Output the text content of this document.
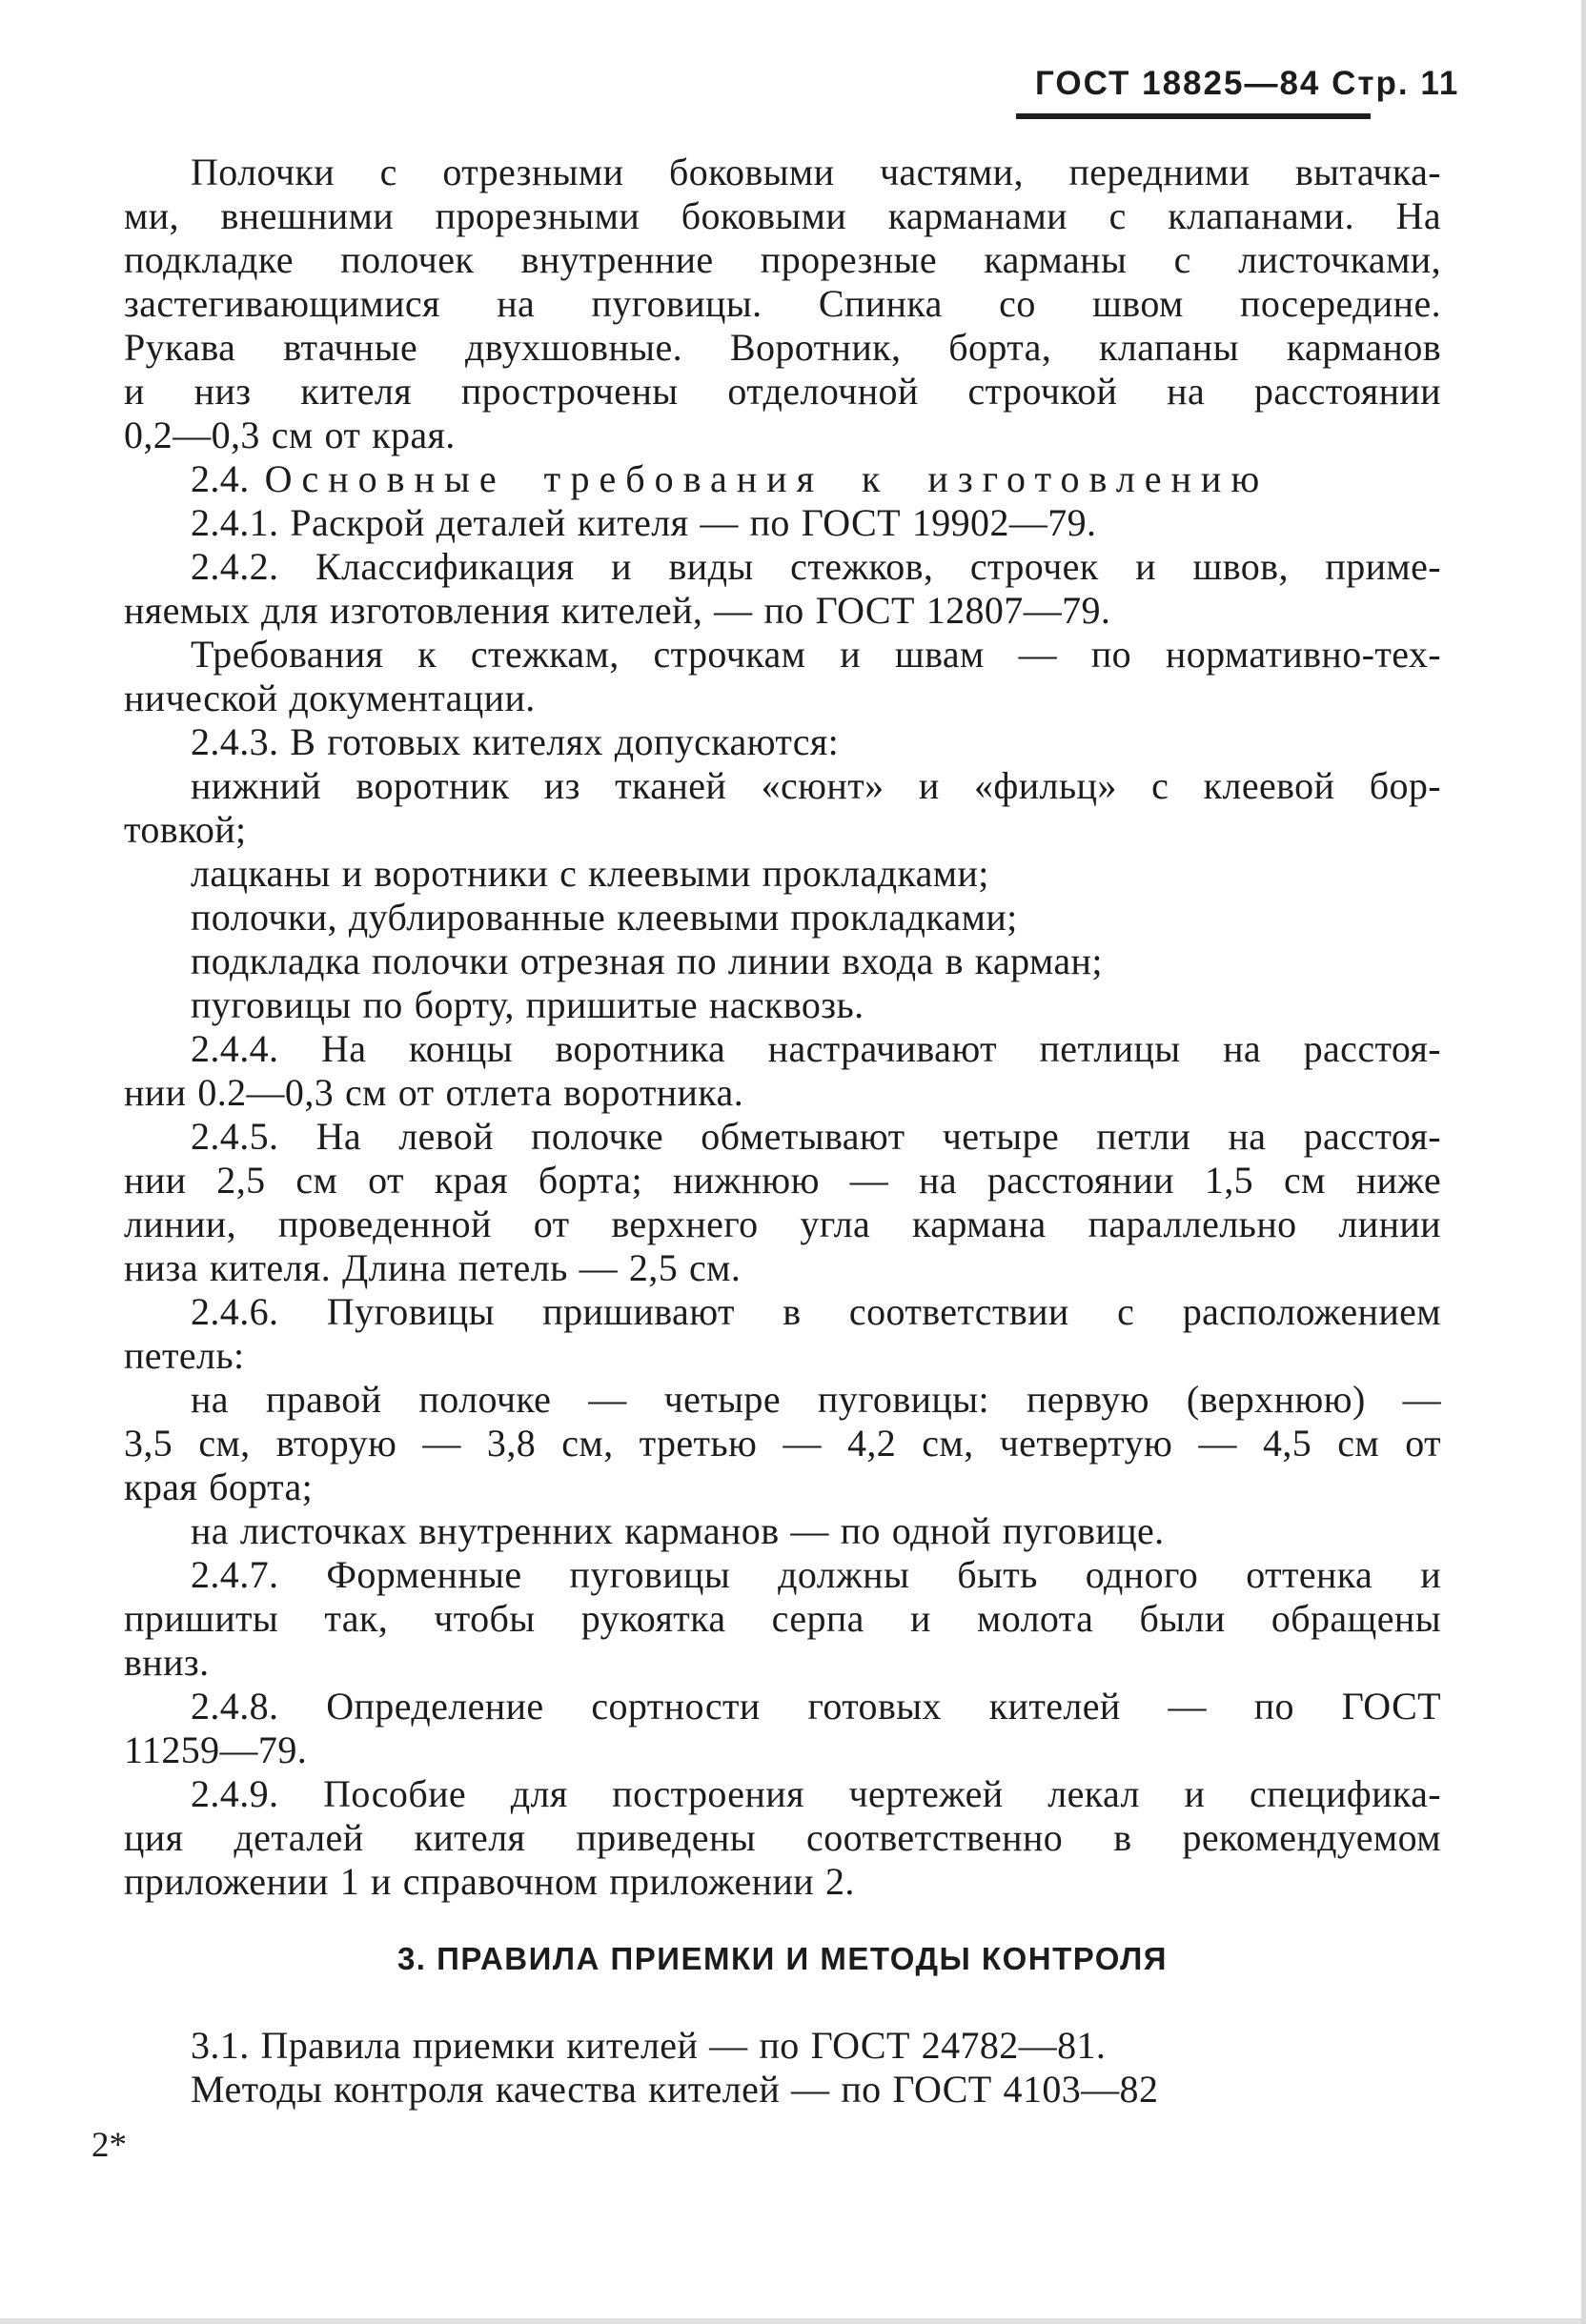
ГОСТ 18825—84 Стр. 11
Полочки с отрезными боковыми частями, передними вытачка-
ми, внешними прорезными боковыми карманами с клапанами. На
подкладке полочек внутренние прорезные карманы с листочками,
застегивающимися на пуговицы. Спинка со швом посередине.
Рукава втачные двухшовные. Воротник, борта, клапаны карманов
и низ кителя прострочены отделочной строчкой на расстоянии
0,2—0,3 см от края.
2.4. Основные требования к изготовлению
2.4.1. Раскрой деталей кителя — по ГОСТ 19902—79.
2.4.2. Классификация и виды стежков, строчек и швов, приме-
няемых для изготовления кителей, — по ГОСТ 12807—79.
Требования к стежкам, строчкам и швам — по нормативно-тех-
нической документации.
2.4.3. В готовых кителях допускаются:
нижний воротник из тканей «сюнт» и «фильц» с клеевой бор-
товкой;
лацканы и воротники с клеевыми прокладками;
полочки, дублированные клеевыми прокладками;
подкладка полочки отрезная по линии входа в карман;
пуговицы по борту, пришитые насквозь.
2.4.4. На концы воротника настрачивают петлицы на расстоя-
нии 0.2—0,3 см от отлета воротника.
2.4.5. На левой полочке обметывают четыре петли на расстоя-
нии 2,5 см от края борта; нижнюю — на расстоянии 1,5 см ниже
линии, проведенной от верхнего угла кармана параллельно линии
низа кителя. Длина петель — 2,5 см.
2.4.6. Пуговицы пришивают в соответствии с расположением
петель:
на правой полочке — четыре пуговицы: первую (верхнюю) —
3,5 см, вторую — 3,8 см, третью — 4,2 см, четвертую — 4,5 см от
края борта;
на листочках внутренних карманов — по одной пуговице.
2.4.7. Форменные пуговицы должны быть одного оттенка и
пришиты так, чтобы рукоятка серпа и молота были обращены
вниз.
2.4.8. Определение сортности готовых кителей — по ГОСТ
11259—79.
2.4.9. Пособие для построения чертежей лекал и специфика-
ция деталей кителя приведены соответственно в рекомендуемом
приложении 1 и справочном приложении 2.
3. ПРАВИЛА ПРИЕМКИ И МЕТОДЫ КОНТРОЛЯ
3.1. Правила приемки кителей — по ГОСТ 24782—81.
Методы контроля качества кителей — по ГОСТ 4103—82
2*
